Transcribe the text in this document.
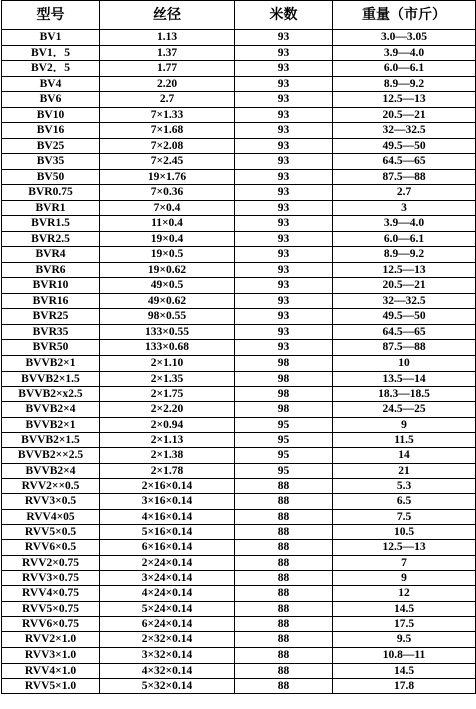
型号	丝径	米数	重量（市斤）
BV1	1.13	93	3.0—3.05
BV1．5	1.37	93	3.9—4.0
BV2．5	1.77	93	6.0—6.1
BV4	2.20	93	8.9—9.2
BV6	2.7	93	12.5—13
BV10	7×1.33	93	20.5—21
BV16	7×1.68	93	32—32.5
BV25	7×2.08	93	49.5—50
BV35	7×2.45	93	64.5—65
BV50	19×1.76	93	87.5—88
BVR0.75	7×0.36	93	2.7
BVR1	7×0.4	93	3
BVR1.5	11×0.4	93	3.9—4.0
BVR2.5	19×0.4	93	6.0—6.1
BVR4	19×0.5	93	8.9—9.2
BVR6	19×0.62	93	12.5—13
BVR10	49×0.5	93	20.5—21
BVR16	49×0.62	93	32—32.5
BVR25	98×0.55	93	49.5—50
BVR35	133×0.55	93	64.5—65
BVR50	133×0.68	93	87.5—88
BVVB2×1	2×1.10	98	10
BVVB2×1.5	2×1.35	98	13.5—14
BVVB2×x2.5	2×1.75	98	18.3—18.5
BVVB2×4	2×2.20	98	24.5—25
BVVB2×1	2×0.94	95	9
BVVB2×1.5	2×1.13	95	11.5
BVVB2××2.5	2×1.38	95	14
BVVB2×4	2×1.78	95	21
RVV2××0.5	2×16×0.14	88	5.3
RVV3×0.5	3×16×0.14	88	6.5
RVV4×05	4×16×0.14	88	7.5
RVV5×0.5	5×16×0.14	88	10.5
RVV6×0.5	6×16×0.14	88	12.5—13
RVV2×0.75	2×24×0.14	88	7
RVV3×0.75	3×24×0.14	88	9
RVV4×0.75	4×24×0.14	88	12
RVV5×0.75	5×24×0.14	88	14.5
RVV6×0.75	6×24×0.14	88	17.5
RVV2×1.0	2×32×0.14	88	9.5
RVV3×1.0	3×32×0.14	88	10.8—11
RVV4×1.0	4×32×0.14	88	14.5
RVV5×1.0	5×32×0.14	88	17.8
